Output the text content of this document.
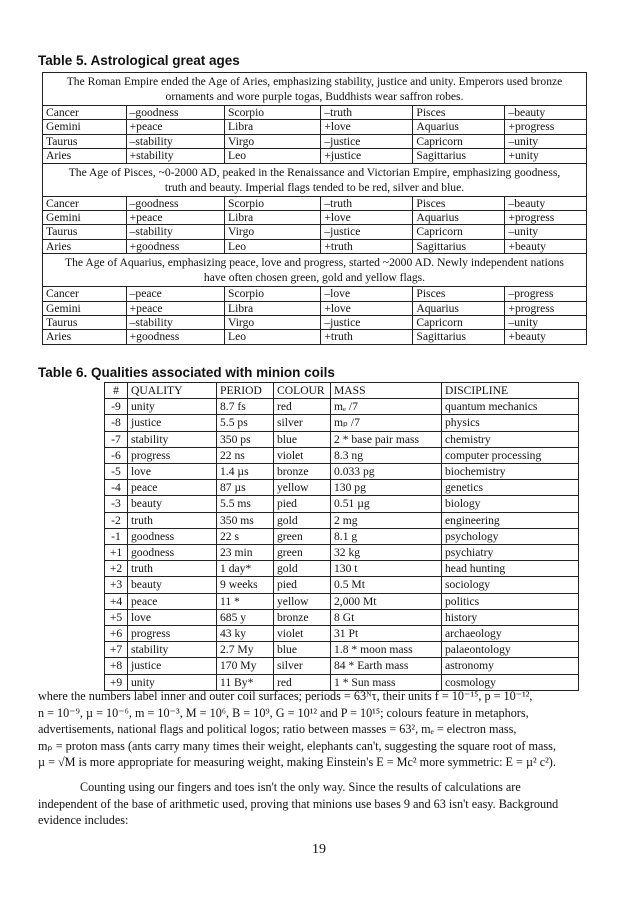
Table 5. Astrological great ages
The Roman Empire ended the Age of Aries, emphasizing stability, justice and unity. Emperors used bronze ornaments and wore purple togas, Buddhists wear saffron robes.					
Cancer	–goodness	Scorpio	–truth	Pisces	–beauty
Gemini	+peace	Libra	+love	Aquarius	+progress
Taurus	–stability	Virgo	–justice	Capricorn	–unity
Aries	+stability	Leo	+justice	Sagittarius	+unity
The Age of Pisces, ~0-2000 AD, peaked in the Renaissance and Victorian Empire, emphasizing goodness, truth and beauty. Imperial flags tended to be red, silver and blue.					
Cancer	–goodness	Scorpio	–truth	Pisces	–beauty
Gemini	+peace	Libra	+love	Aquarius	+progress
Taurus	–stability	Virgo	–justice	Capricorn	–unity
Aries	+goodness	Leo	+truth	Sagittarius	+beauty
The Age of Aquarius, emphasizing peace, love and progress, started ~2000 AD. Newly independent nations have often chosen green, gold and yellow flags.					
Cancer	–peace	Scorpio	–love	Pisces	–progress
Gemini	+peace	Libra	+love	Aquarius	+progress
Taurus	–stability	Virgo	–justice	Capricorn	–unity
Aries	+goodness	Leo	+truth	Sagittarius	+beauty
Table 6. Qualities associated with minion coils
#	QUALITY	PERIOD	COLOUR	MASS	DISCIPLINE
-9	unity	8.7 fs	red	mₑ /7	quantum mechanics
-8	justice	5.5 ps	silver	mₚ /7	physics
-7	stability	350 ps	blue	2 * base pair mass	chemistry
-6	progress	22 ns	violet	8.3 ng	computer processing
-5	love	1.4 µs	bronze	0.033 pg	biochemistry
-4	peace	87 µs	yellow	130 pg	genetics
-3	beauty	5.5 ms	pied	0.51 µg	biology
-2	truth	350 ms	gold	2 mg	engineering
-1	goodness	22 s	green	8.1 g	psychology
+1	goodness	23 min	green	32 kg	psychiatry
+2	truth	1 day*	gold	130 t	head hunting
+3	beauty	9 weeks	pied	0.5 Mt	sociology
+4	peace	11 *	yellow	2,000 Mt	politics
+5	love	685 y	bronze	8 Gt	history
+6	progress	43 ky	violet	31 Pt	archaeology
+7	stability	2.7 My	blue	1.8 * moon mass	palaeontology
+8	justice	170 My	silver	84 * Earth mass	astronomy
+9	unity	11 By*	red	1 * Sun mass	cosmology
where the numbers label inner and outer coil surfaces; periods = 63ᴺτ, their units f = 10⁻¹⁵, p = 10⁻¹²,
n = 10⁻⁹, µ = 10⁻⁶, m = 10⁻³, M = 10⁶, B = 10⁹, G = 10¹² and P = 10¹⁵; colours feature in metaphors,
advertisements, national flags and political logos; ratio between masses = 63², mₑ = electron mass,
mₚ = proton mass (ants carry many times their weight, elephants can't, suggesting the square root of mass,
µ = √M is more appropriate for measuring weight, making Einstein's E = Mc² more symmetric: E = µ² c²).
Counting using our fingers and toes isn't the only way. Since the results of calculations are
independent of the base of arithmetic used, proving that minions use bases 9 and 63 isn't easy. Background
evidence includes:
19
